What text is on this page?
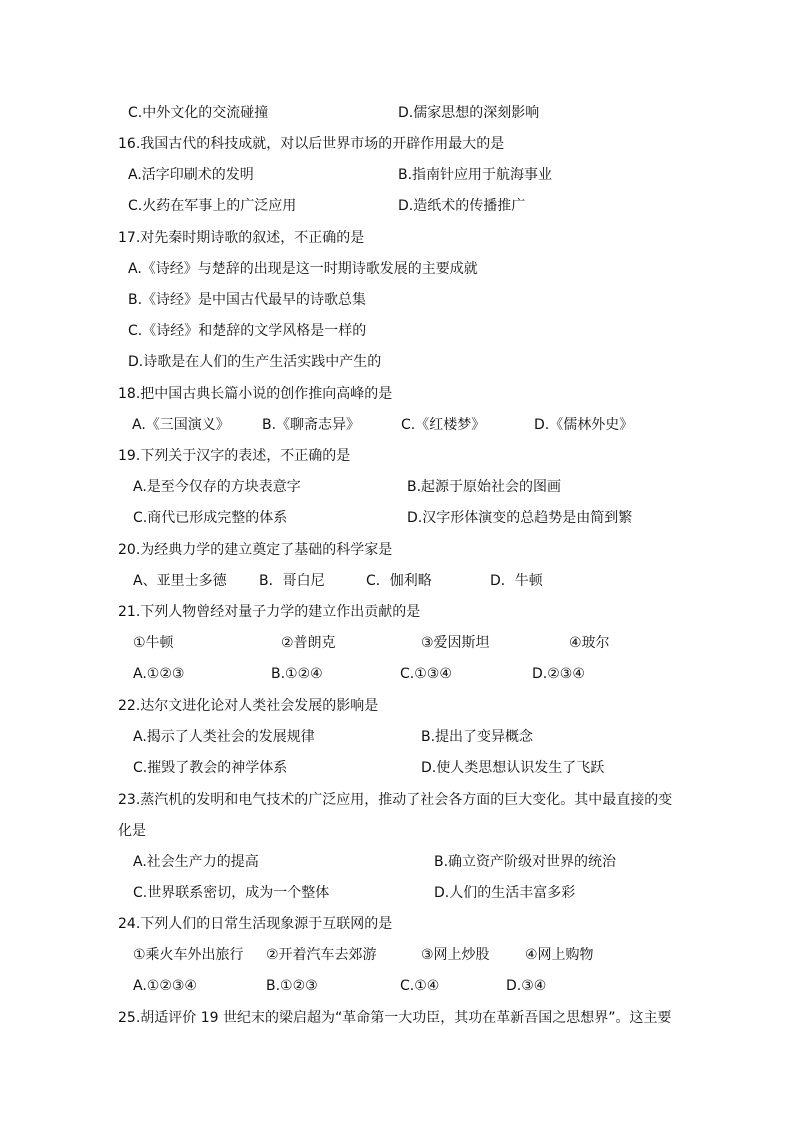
C.中外文化的交流碰撞	D.儒家思想的深刻影响
16.我国古代的科技成就，对以后世界市场的开辟作用最大的是
A.活字印刷术的发明	B.指南针应用于航海事业
C.火药在军事上的广泛应用	D.造纸术的传播推广
17.对先秦时期诗歌的叙述，不正确的是
A.《诗经》与楚辞的出现是这一时期诗歌发展的主要成就
B.《诗经》是中国古代最早的诗歌总集
C.《诗经》和楚辞的文学风格是一样的
D.诗歌是在人们的生产生活实践中产生的
18.把中国古典长篇小说的创作推向高峰的是
A.《三国演义》 B.《聊斋志异》	C.《红楼梦》	D.《儒林外史》
19.下列关于汉字的表述，不正确的是
A.是至今仅存的方块表意字	B.起源于原始社会的图画
C.商代已形成完整的体系	D.汉字形体演变的总趋势是由简到繁
20.为经典力学的建立奠定了基础的科学家是
A、亚里士多德 B．哥白尼	C．伽利略	D．牛顿
21.下列人物曾经对量子力学的建立作出贡献的是
①牛顿	②普朗克	③爱因斯坦	④玻尔
A.①②③	B.①②④	C.①③④	D.②③④
22.达尔文进化论对人类社会发展的影响是
A.揭示了人类社会的发展规律	B.提出了变异概念
C.摧毁了教会的神学体系	D.使人类思想认识发生了飞跃
23.蒸汽机的发明和电气技术的广泛应用，推动了社会各方面的巨大变化。其中最直接的变
化是
A.社会生产力的提高	B.确立资产阶级对世界的统治
C.世界联系密切，成为一个整体	D.人们的生活丰富多彩
24.下列人们的日常生活现象源于互联网的是
①乘火车外出旅行 ②开着汽车去郊游	③网上炒股	④网上购物
A.①②③④	B.①②③	C.①④	D.③④
25.胡适评价 19 世纪末的梁启超为“革命第一大功臣，其功在革新吾国之思想界”。这主要
